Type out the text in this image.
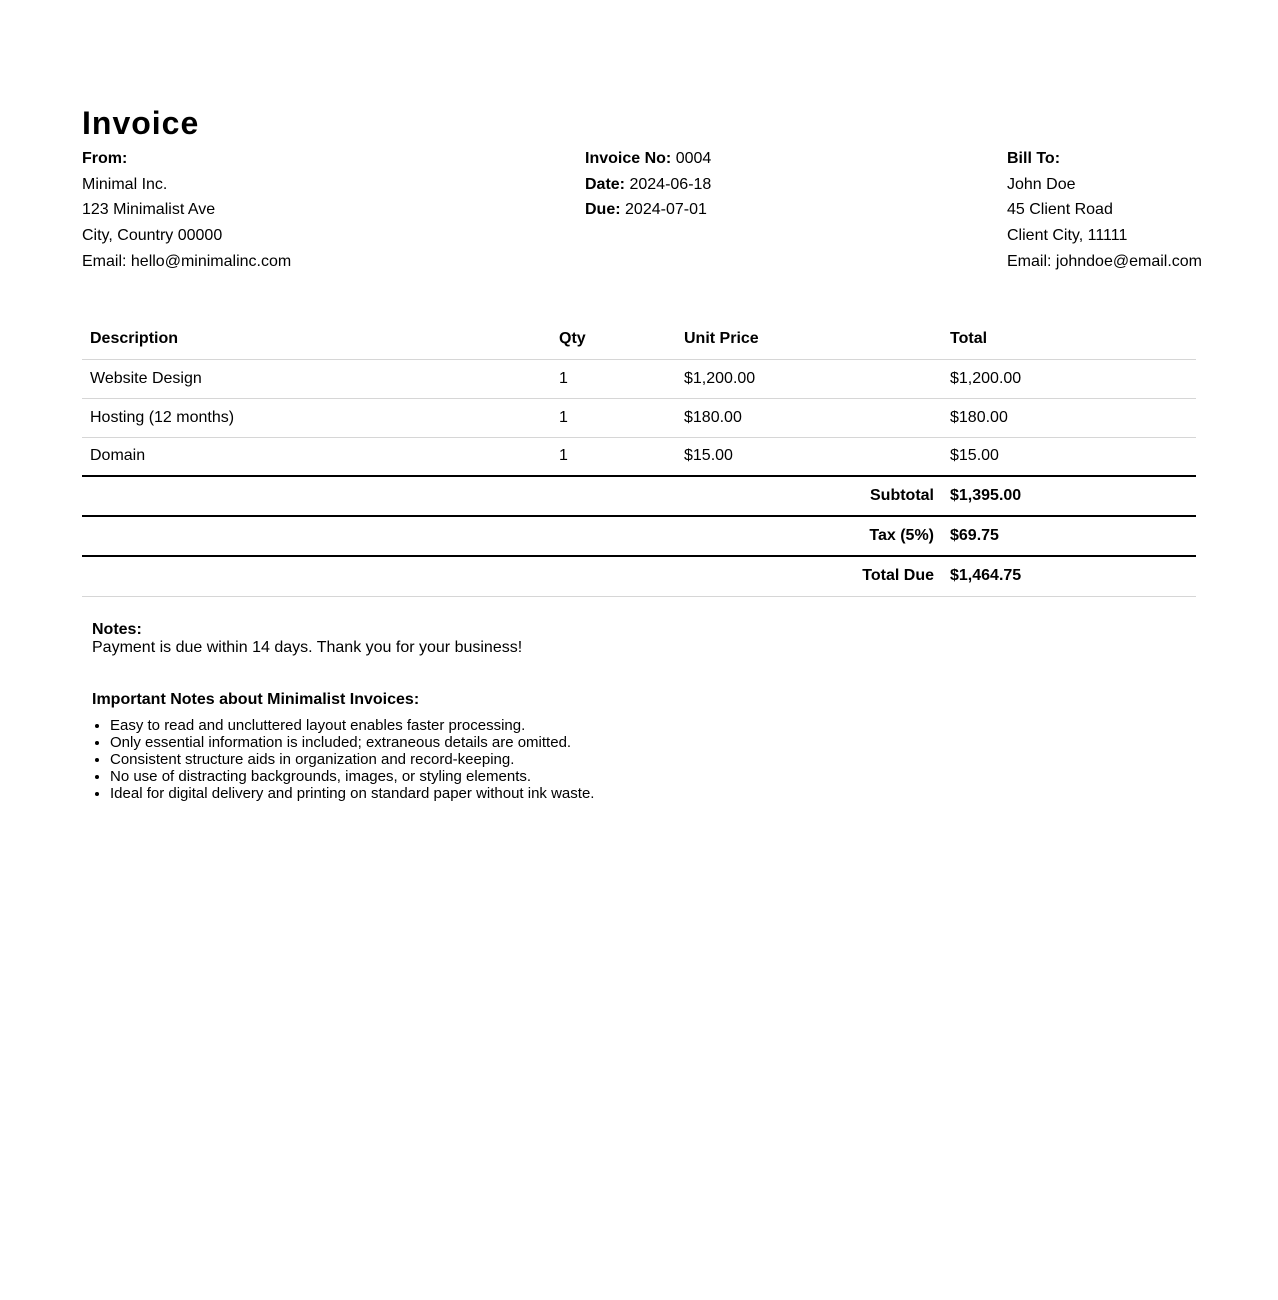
Invoice
From:
Minimal Inc.
123 Minimalist Ave
City, Country 00000
Email: hello@minimalinc.com
Invoice No: 0004
Date: 2024-06-18
Due: 2024-07-01
Bill To:
John Doe
45 Client Road
Client City, 11111
Email: johndoe@email.com
Description	Qty	Unit Price	Total
Website Design	1	$1,200.00	$1,200.00
Hosting (12 months)	1	$180.00	$180.00
Domain	1	$15.00	$15.00
Subtotal			$1,395.00
Tax (5%)			$69.75
Total Due			$1,464.75
Notes:
Payment is due within 14 days. Thank you for your business!
Important Notes about Minimalist Invoices:
• Easy to read and uncluttered layout enables faster processing.
• Only essential information is included; extraneous details are omitted.
• Consistent structure aids in organization and record-keeping.
• No use of distracting backgrounds, images, or styling elements.
• Ideal for digital delivery and printing on standard paper without ink waste.
